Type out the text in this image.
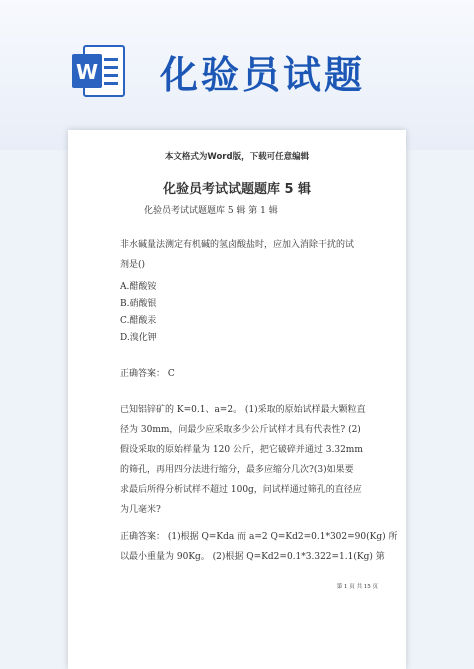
W 化验员试题
本文格式为Word版，下载可任意编辑
化验员考试试题题库 5 辑
化验员考试试题题库 5 辑 第 1 辑
非水碱量法测定有机碱的氢卤酸盐时，应加入消除干扰的试
剂是()
A.醋酸铵
B.硝酸银
C.醋酸汞
D.溴化钾
正确答案： C
已知铝锌矿的 K=0.1、a=2。 (1)采取的原始试样最大颗粒直
径为 30mm，问最少应采取多少公斤试样才具有代表性? (2)
假设采取的原始样量为 120 公斤，把它破碎并通过 3.32mm
的筛孔，再用四分法进行缩分，最多应缩分几次?(3)如果要
求最后所得分析试样不超过 100g，问试样通过筛孔的直径应
为几毫米?
正确答案： (1)根据 Q=Kda 而 a=2 Q=Kd2=0.1*302=90(Kg) 所
以最小重量为 90Kg。 (2)根据 Q=Kd2=0.1*3.322=1.1(Kg) 第
第 1 页 共 15 页
